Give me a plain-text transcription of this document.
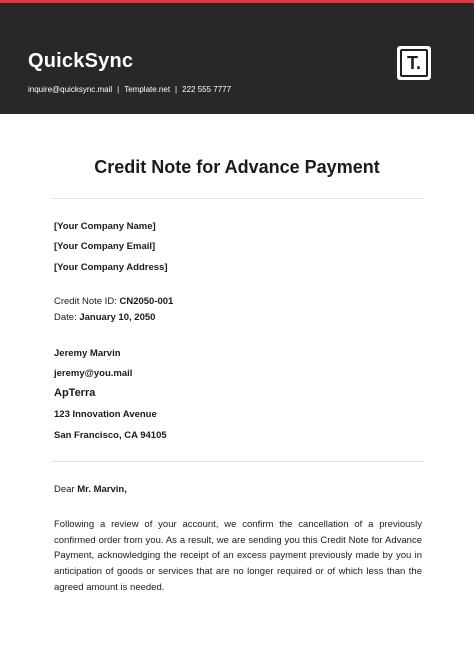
QuickSync
inquire@quicksync.mail | Template.net | 222 555 7777
T.
Credit Note for Advance Payment
[Your Company Name]
[Your Company Email]
[Your Company Address]
Credit Note ID: CN2050-001
Date: January 10, 2050
Jeremy Marvin
jeremy@you.mail
ApTerra
123 Innovation Avenue
San Francisco, CA 94105
Dear Mr. Marvin,
Following a review of your account, we confirm the cancellation of a previously confirmed order from you. As a result, we are sending you this Credit Note for Advance Payment, acknowledging the receipt of an excess payment previously made by you in anticipation of goods or services that are no longer required or of which less than the agreed amount is needed.
